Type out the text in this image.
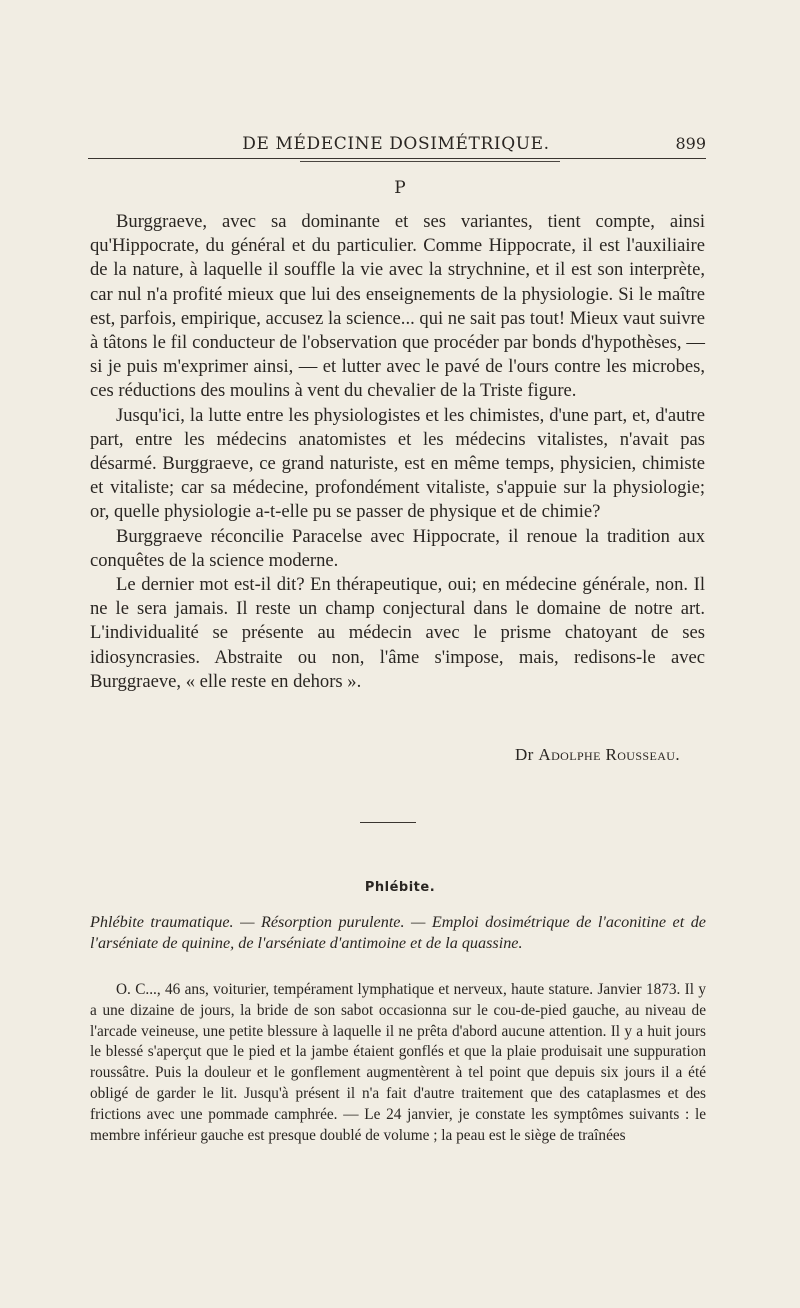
DE MÉDECINE DOSIMÉTRIQUE.	899
P

Burggraeve, avec sa dominante et ses variantes, tient compte, ainsi qu'Hippocrate, du général et du particulier. Comme Hippocrate, il est l'auxiliaire de la nature, à laquelle il souffle la vie avec la strychnine, et il est son interprète, car nul n'a profité mieux que lui des enseignements de la physiologie. Si le maître est, parfois, empirique, accusez la science... qui ne sait pas tout! Mieux vaut suivre à tâtons le fil conducteur de l'observation que procéder par bonds d'hypothèses, — si je puis m'exprimer ainsi, — et lutter avec le pavé de l'ours contre les microbes, ces réductions des moulins à vent du chevalier de la Triste figure.

Jusqu'ici, la lutte entre les physiologistes et les chimistes, d'une part, et, d'autre part, entre les médecins anatomistes et les médecins vitalistes, n'avait pas désarmé. Burggraeve, ce grand naturiste, est en même temps, physicien, chimiste et vitaliste; car sa médecine, profondément vitaliste, s'appuie sur la physiologie; or, quelle physiologie a-t-elle pu se passer de physique et de chimie?

Burggraeve réconcilie Paracelse avec Hippocrate, il renoue la tradition aux conquêtes de la science moderne.

Le dernier mot est-il dit? En thérapeutique, oui; en médecine générale, non. Il ne le sera jamais. Il reste un champ conjectural dans le domaine de notre art. L'individualité se présente au médecin avec le prisme chatoyant de ses idiosyncrasies. Abstraite ou non, l'âme s'impose, mais, redisons-le avec Burggraeve, « elle reste en dehors ».

Dr Adolphe Rousseau.
Phlébite.

Phlébite traumatique. — Résorption purulente. — Emploi dosimétrique de l'aconitine et de l'arséniate de quinine, de l'arséniate d'antimoine et de la quassine.

O. C..., 46 ans, voiturier, tempérament lymphatique et nerveux, haute stature. Janvier 1873. Il y a une dizaine de jours, la bride de son sabot occasionna sur le cou-de-pied gauche, au niveau de l'arcade veineuse, une petite blessure à laquelle il ne prêta d'abord aucune attention. Il y a huit jours le blessé s'aperçut que le pied et la jambe étaient gonflés et que la plaie produisait une suppuration roussâtre. Puis la douleur et le gonflement augmentèrent à tel point que depuis six jours il a été obligé de garder le lit. Jusqu'à présent il n'a fait d'autre traitement que des cataplasmes et des frictions avec une pommade camphrée. — Le 24 janvier, je constate les symptômes suivants : le membre inférieur gauche est presque doublé de volume ; la peau est le siège de traînées
